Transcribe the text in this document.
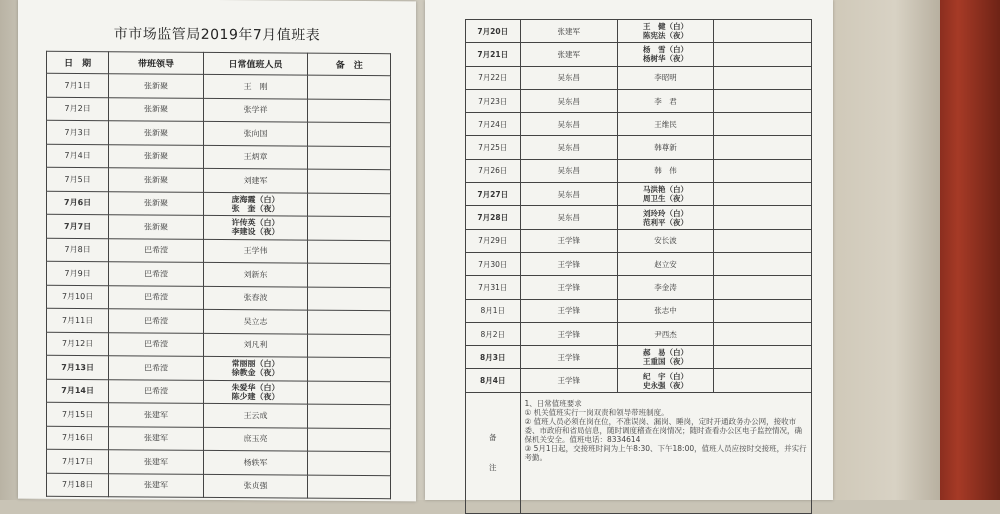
市市场监管局2019年7月值班表
日　期	带班领导	日常值班人员	备　注
7月1日	张新聚	王　刚	

7月2日	张新聚	张学祥	

7月3日	张新聚	张向国	

7月4日	张新聚	王炳章	

7月5日	张新聚	刘建军	

7月6日	张新聚	庞海霞（白）
张　奎（夜）	

7月7日	张新聚	许传英（白）
李建设（夜）	

7月8日	巴希滢	王学伟	

7月9日	巴希滢	刘新东	

7月10日	巴希滢	张春波	

7月11日	巴希滢	吴立志	

7月12日	巴希滢	刘凡利	

7月13日	巴希滢	常丽丽（白）
徐教金（夜）	

7月14日	巴希滢	朱爱华（白）
陈少建（夜）	

7月15日	张建军	王云成	

7月16日	张建军	庶玉亮	

7月17日	张建军	杨轶军	

7月18日	张建军	张贞强	

7月20日	张建军	王　健（白）
陈宪法（夜）	

7月21日	张建军	杨　雪（白）
杨树华（夜）	

7月22日	吴东昌	李昭明	

7月23日	吴东昌	李　君	

7月24日	吴东昌	王维民	

7月25日	吴东昌	韩尊新	

7月26日	吴东昌	韩　伟	

7月27日	吴东昌	马洪艳（白）
周卫生（夜）	

7月28日	吴东昌	刘玲玲（白）
范利平（夜）	

7月29日	王学锋	安长波	

7月30日	王学锋	赵立安	

7月31日	王学锋	李金涛	

8月1日	王学锋	张志中	

8月2日	王学锋	尹西杰	

8月3日	王学锋	郝　易（白）
王重国（夜）	

8月4日	王学锋	纪　宇（白）
史永强（夜）	

备
注	1、日常值班要求
① 机关值班实行一岗双责和领导带班制度。
② 值班人员必须在岗在位，不准误岗、漏岗、睡岗，定时开通政务办公网，接收市委、市政府和省局信息，随时调度稽查在岗情况；随时查看办公区电子监控情况，确保机关安全。值班电话：8334614
③ 5月1日起，交接班时间为上午8:30、下午18:00，值班人员应按时交接班，并实行考勤。		
